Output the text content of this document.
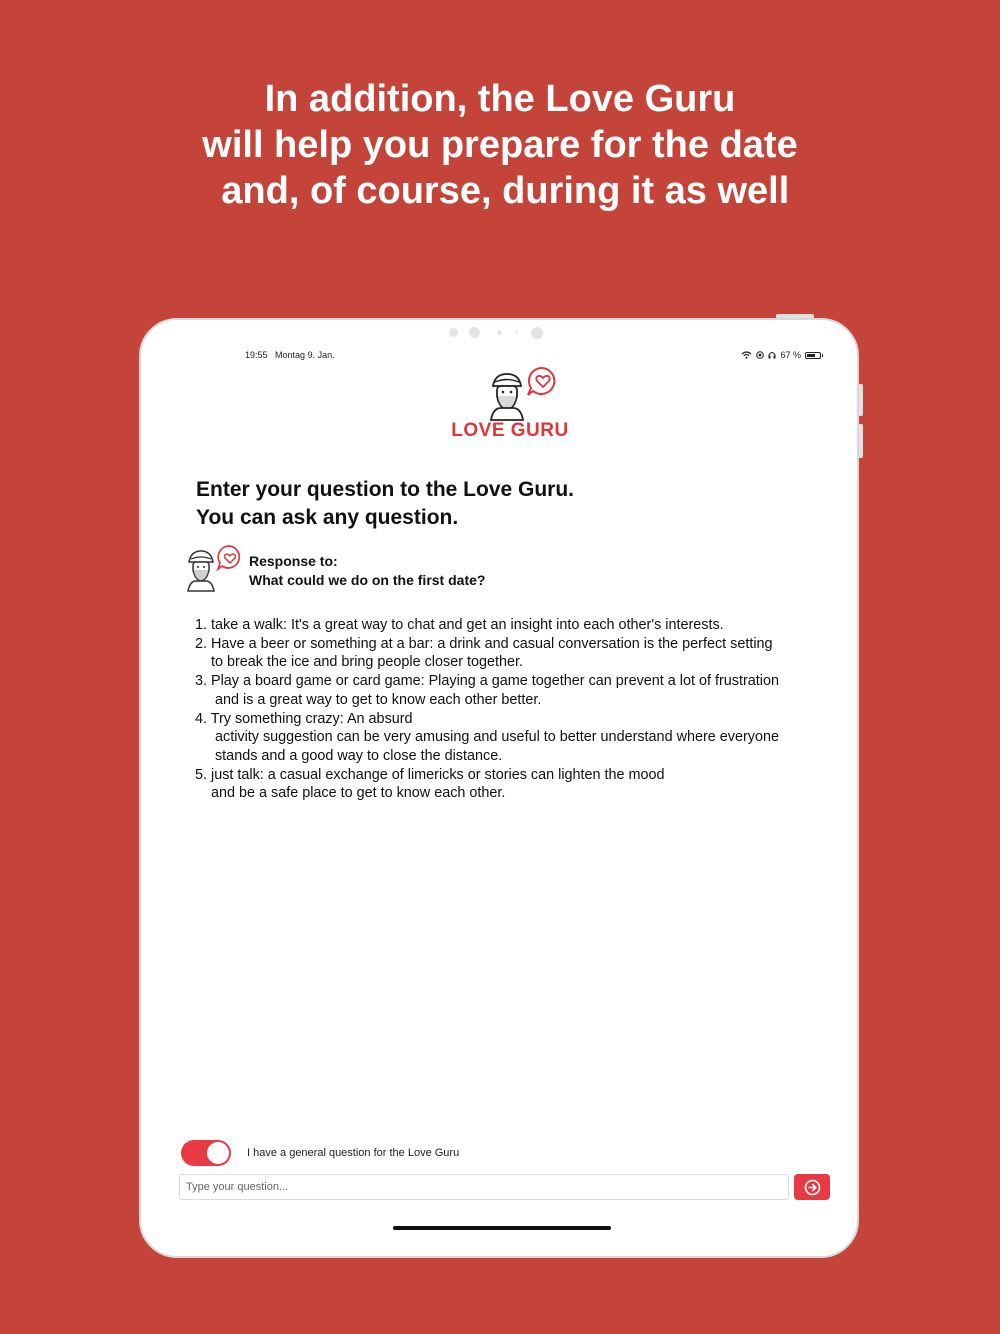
In addition, the Love Guru
will help you prepare for the date
and, of course, during it as well
19:55 Montag 9. Jan.	67 %
LOVE GURU
Enter your question to the Love Guru.
You can ask any question.
Response to:
What could we do on the first date?
1. take a walk: It's a great way to chat and get an insight into each other's interests.
2. Have a beer or something at a bar: a drink and casual conversation is the perfect setting
to break the ice and bring people closer together.
3. Play a board game or card game: Playing a game together can prevent a lot of frustration
and is a great way to get to know each other better.
4. Try something crazy: An absurd
activity suggestion can be very amusing and useful to better understand where everyone
stands and a good way to close the distance.
5. just talk: a casual exchange of limericks or stories can lighten the mood
and be a safe place to get to know each other.
I have a general question for the Love Guru
Type your question...
